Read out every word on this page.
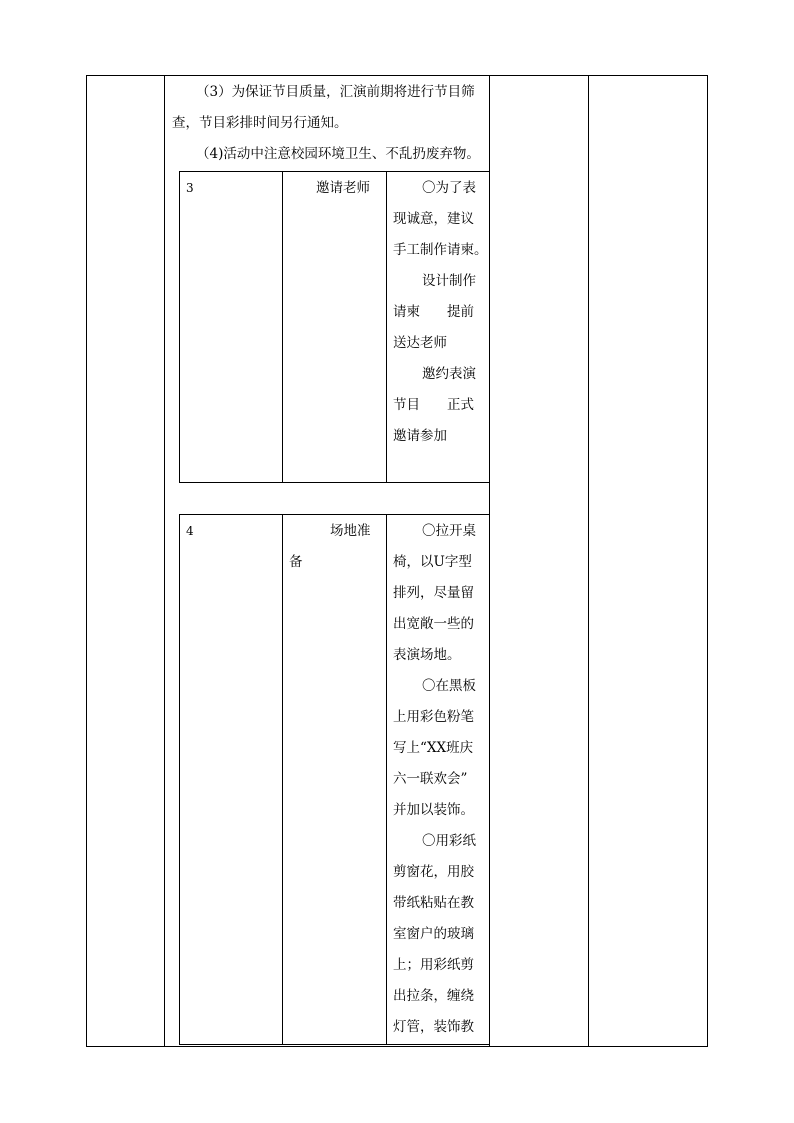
（3）为保证节目质量，汇演前期将进行节目筛
查，节目彩排时间另行通知。
（4)活动中注意校园环境卫生、不乱扔废弃物。
3	邀请老师	〇为了表
现诚意，建议
手工制作请柬。
设计制作
请柬　　提前
送达老师
邀约表演
节目　　正式
邀请参加
4	场地准
备
〇拉开桌
椅，以U字型
排列，尽量留
出宽敞一些的
表演场地。
〇在黑板
上用彩色粉笔
写上“XX班庆
六一联欢会”
并加以装饰。
〇用彩纸
剪窗花，用胶
带纸粘贴在教
室窗户的玻璃
上；用彩纸剪
出拉条，缠绕
灯管，装饰教
